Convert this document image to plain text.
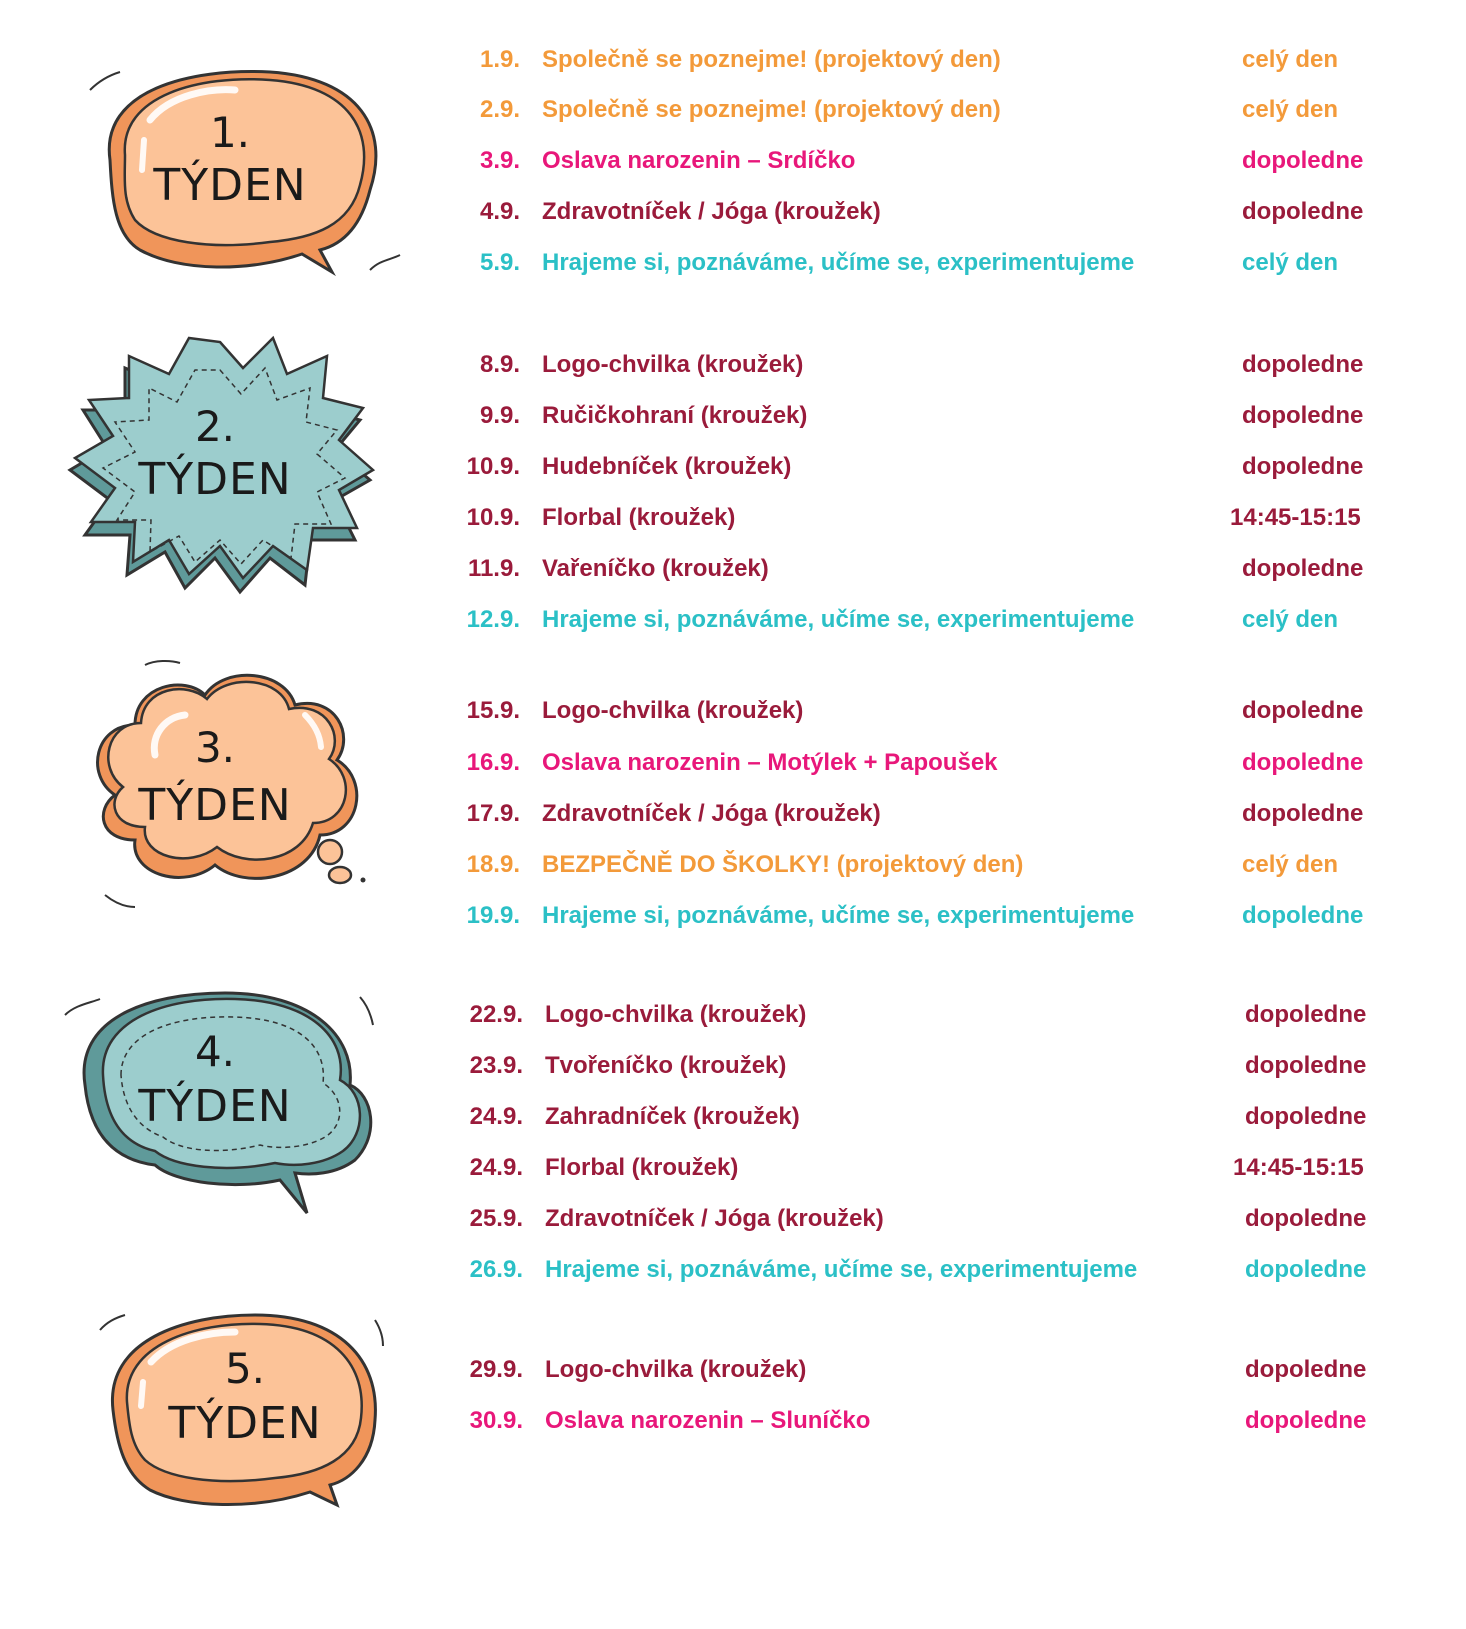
1.
TÝDEN
2.
TÝDEN
3.
TÝDEN
4.
TÝDEN
5.
TÝDEN
1.9. Společně se poznejme! (projektový den)	celý den
2.9. Společně se poznejme! (projektový den)	celý den
3.9. Oslava narozenin – Srdíčko	dopoledne
4.9. Zdravotníček / Jóga (kroužek)	dopoledne
5.9. Hrajeme si, poznáváme, učíme se, experimentujeme	celý den
8.9. Logo-chvilka (kroužek)	dopoledne
9.9. Ručičkohraní (kroužek)	dopoledne
10.9. Hudebníček (kroužek)	dopoledne
10.9. Florbal (kroužek)	14:45-15:15
11.9. Vařeníčko (kroužek)	dopoledne
12.9. Hrajeme si, poznáváme, učíme se, experimentujeme	celý den
15.9. Logo-chvilka (kroužek)	dopoledne
16.9. Oslava narozenin – Motýlek + Papoušek	dopoledne
17.9. Zdravotníček / Jóga (kroužek)	dopoledne
18.9. BEZPEČNĚ DO ŠKOLKY! (projektový den)	celý den
19.9. Hrajeme si, poznáváme, učíme se, experimentujeme	dopoledne
22.9. Logo-chvilka (kroužek)	dopoledne
23.9. Tvořeníčko (kroužek)	dopoledne
24.9. Zahradníček (kroužek)	dopoledne
24.9. Florbal (kroužek)	14:45-15:15
25.9. Zdravotníček / Jóga (kroužek)	dopoledne
26.9. Hrajeme si, poznáváme, učíme se, experimentujeme	dopoledne
29.9. Logo-chvilka (kroužek)	dopoledne
30.9. Oslava narozenin – Sluníčko	dopoledne
